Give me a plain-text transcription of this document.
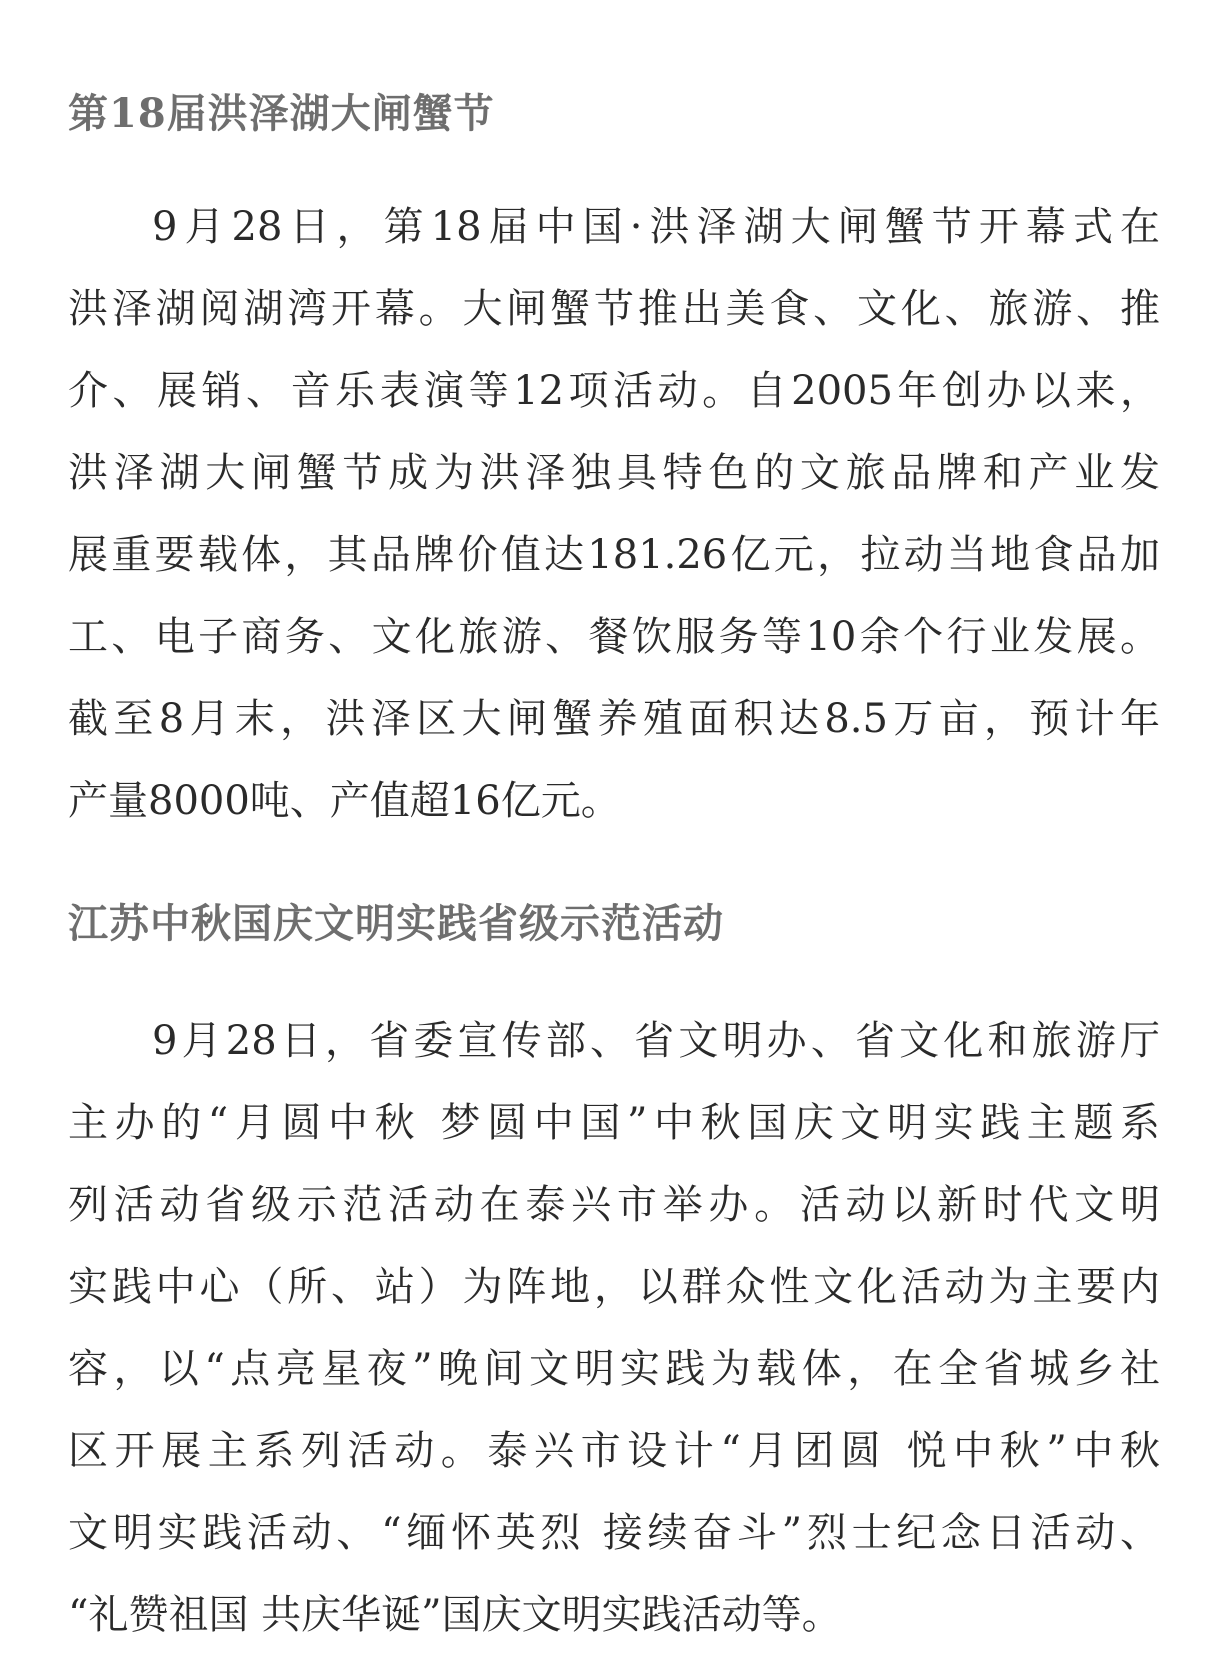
第18届洪泽湖大闸蟹节
9月28日，第18届中国·洪泽湖大闸蟹节开幕式在
洪泽湖阅湖湾开幕。大闸蟹节推出美食、文化、旅游、推
介、展销、音乐表演等12项活动。自2005年创办以来，
洪泽湖大闸蟹节成为洪泽独具特色的文旅品牌和产业发
展重要载体，其品牌价值达181.26亿元，拉动当地食品加
工、电子商务、文化旅游、餐饮服务等10余个行业发展。
截至8月末，洪泽区大闸蟹养殖面积达8.5万亩，预计年
产量8000吨、产值超16亿元。
江苏中秋国庆文明实践省级示范活动
9月28日，省委宣传部、省文明办、省文化和旅游厅
主办的“月圆中秋 梦圆中国”中秋国庆文明实践主题系
列活动省级示范活动在泰兴市举办。活动以新时代文明
实践中心（所、站）为阵地，以群众性文化活动为主要内
容，以“点亮星夜”晚间文明实践为载体，在全省城乡社
区开展主系列活动。泰兴市设计“月团圆 悦中秋”中秋
文明实践活动、“缅怀英烈 接续奋斗”烈士纪念日活动、
“礼赞祖国 共庆华诞”国庆文明实践活动等。
